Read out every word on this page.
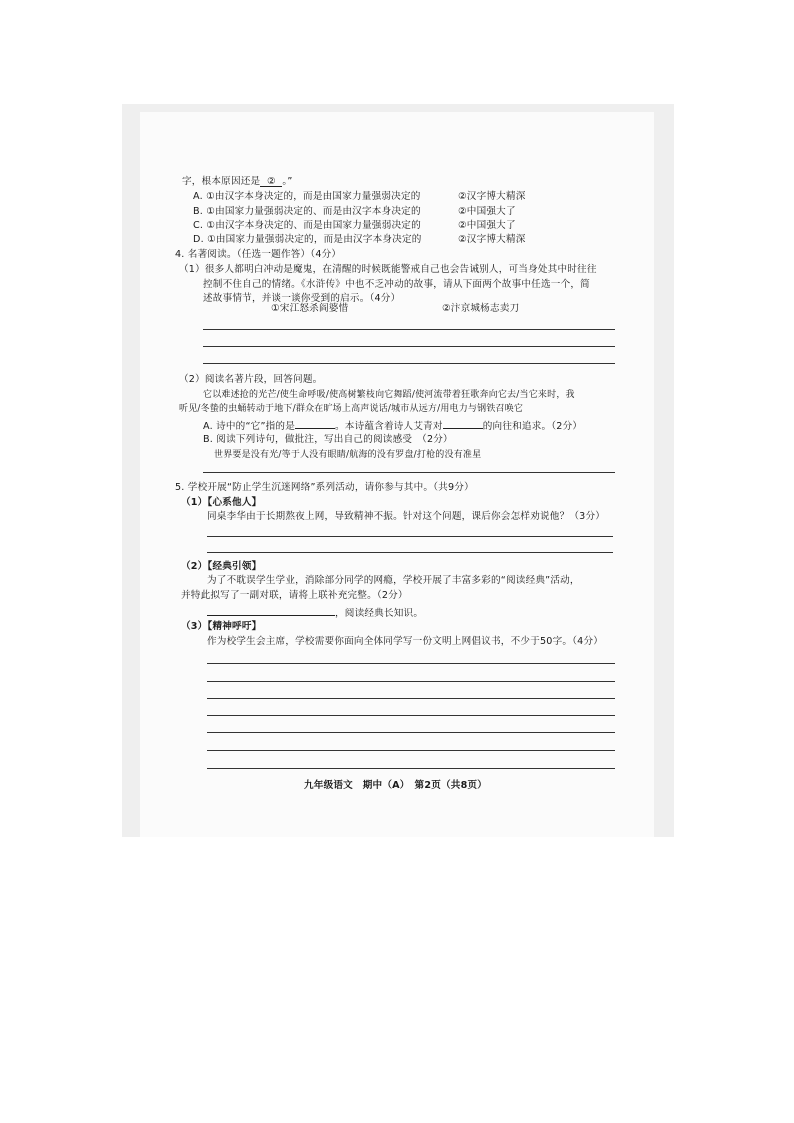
字，根本原因还是 ② 。”
A. ①由汉字本身决定的，而是由国家力量强弱决定的	②汉字博大精深
B. ①由国家力量强弱决定的、而是由汉字本身决定的	②中国强大了
C. ①由汉字本身决定的、而是由国家力量强弱决定的	②中国强大了
D. ①由国家力量强弱决定的，而是由汉字本身决定的	②汉字博大精深
4. 名著阅读。（任选一题作答）（4分）
（1）很多人都明白冲动是魔鬼，在清醒的时候既能警戒自己也会告诫别人，可当身处其中时往往
控制不住自己的情绪。《水浒传》中也不乏冲动的故事，请从下面两个故事中任选一个，简
述故事情节，并谈一谈你受到的启示。（4分）
①宋江怒杀阎婆惜	②汴京城杨志卖刀
（2）阅读名著片段，回答问题。
它以难述抢的光芒/使生命呼吸/使高树繁枝向它舞蹈/使河流带着狂歌奔向它去/当它来时，我
听见/冬蛰的虫蛹转动于地下/群众在旷场上高声说话/城市从远方/用电力与钢铁召唤它
A. 诗中的“它”指的是	。本诗蕴含着诗人艾青对	的向往和追求。（2分）
B. 阅读下列诗句，做批注，写出自己的阅读感受　（2分）
世界要是没有光/等于人没有眼睛/航海的没有罗盘/打枪的没有准星
5. 学校开展“防止学生沉迷网络”系列活动，请你参与其中。（共9分）
（1）【心系他人】
同桌李华由于长期熬夜上网，导致精神不振。针对这个问题，课后你会怎样劝说他？（3分）
（2）【经典引领】
为了不耽误学生学业，消除部分同学的网瘾，学校开展了丰富多彩的“阅读经典”活动，
并特此拟写了一副对联，请将上联补充完整。（2分）
，阅读经典长知识。
（3）【精神呼吁】
作为校学生会主席，学校需要你面向全体同学写一份文明上网倡议书，不少于50字。（4分）
九年级语文　期中（A）　第2页（共8页）
